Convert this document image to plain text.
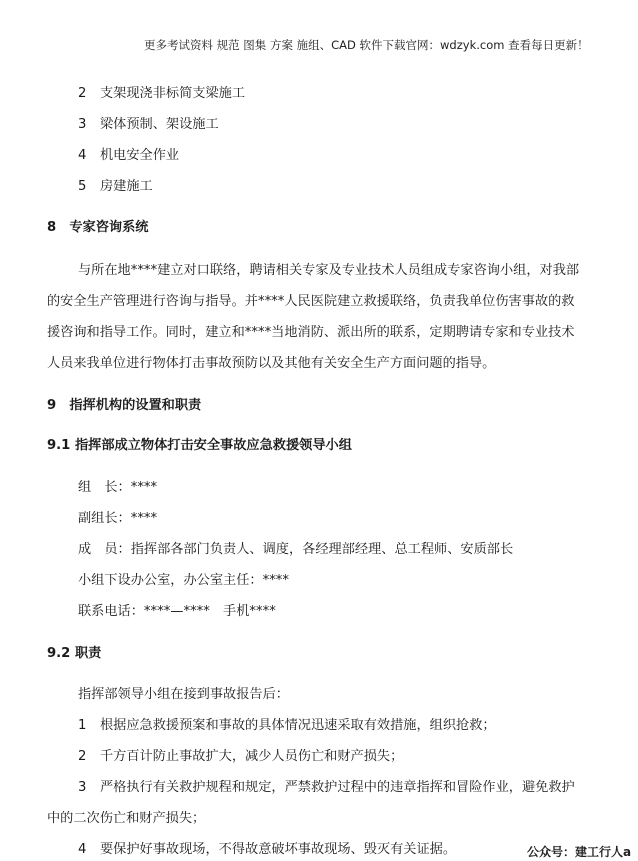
更多考试资料 规范 图集 方案 施组、CAD 软件下载官网：wdzyk.com 查看每日更新！
2 支架现浇非标简支梁施工
3 梁体预制、架设施工
4 机电安全作业
5 房建施工
8　专家咨询系统
与所在地****建立对口联络，聘请相关专家及专业技术人员组成专家咨询小组，对我部
的安全生产管理进行咨询与指导。并****人民医院建立救援联络，负责我单位伤害事故的救
援咨询和指导工作。同时，建立和****当地消防、派出所的联系，定期聘请专家和专业技术
人员来我单位进行物体打击事故预防以及其他有关安全生产方面问题的指导。
9　指挥机构的设置和职责
9.1 指挥部成立物体打击安全事故应急救援领导小组
组　长：****
副组长：****
成　员：指挥部各部门负责人、调度，各经理部经理、总工程师、安质部长
小组下设办公室，办公室主任：****
联系电话：****—****　手机****
9.2 职责
指挥部领导小组在接到事故报告后：
1 根据应急救援预案和事故的具体情况迅速采取有效措施，组织抢救；
2 千方百计防止事故扩大，减少人员伤亡和财产损失；
3 严格执行有关救护规程和规定，严禁救护过程中的违章指挥和冒险作业，避免救护
中的二次伤亡和财产损失；
4 要保护好事故现场，不得故意破坏事故现场、毁灭有关证据。	公众号：建工行人a
